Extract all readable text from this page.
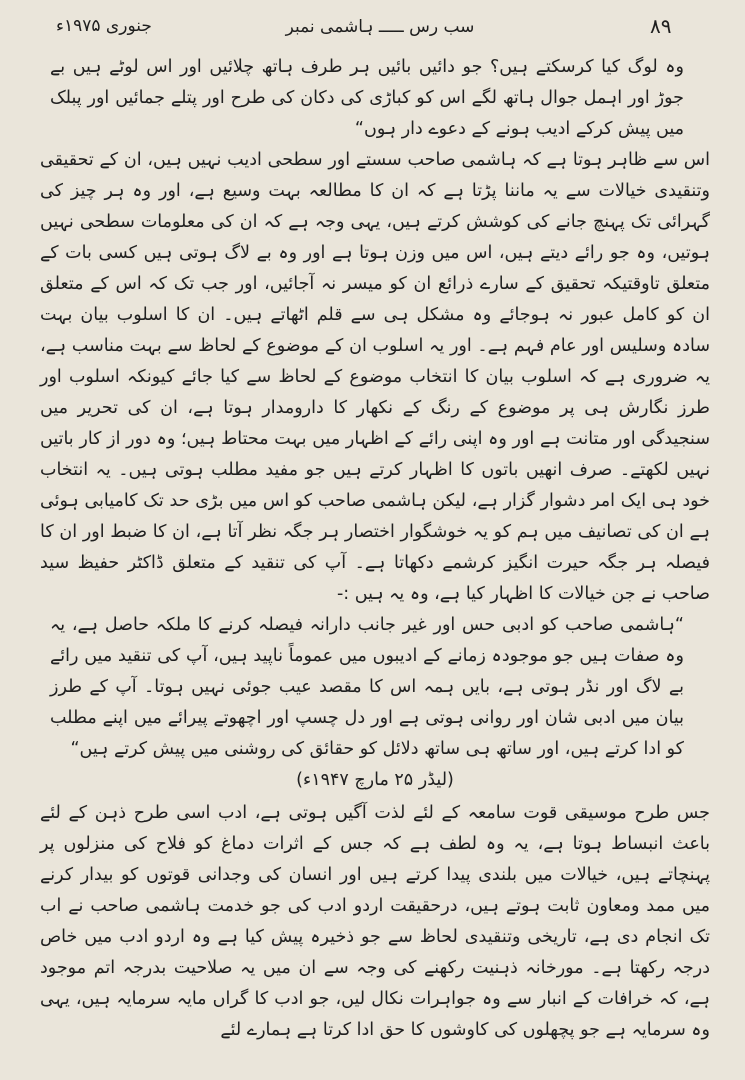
۸۹
سب رس ـــــ ہاشمی نمبر
جنوری ۱۹۷۵ء

وہ لوگ کیا کرسکتے ہیں؟ جو دائیں بائیں ہر طرف ہاتھ چلائیں اور اس لوٹے ہیں بے جوڑ اور اہمل جوال ہاتھ لگے اس کو کباڑی کی دکان کی طرح اور پتلے جمائیں اور پبلک میں پیش کرکے ادیب ہونے کے دعوے دار ہوں“

اس سے ظاہر ہوتا ہے کہ ہاشمی صاحب سستے اور سطحی ادیب نہیں ہیں، ان کے تحقیقی وتنقیدی خیالات سے یہ ماننا پڑتا ہے کہ ان کا مطالعہ بہت وسیع ہے، اور وہ ہر چیز کی گہرائی تک پہنچ جانے کی کوشش کرتے ہیں، یہی وجہ ہے کہ ان کی معلومات سطحی نہیں ہوتیں، وہ جو رائے دیتے ہیں، اس میں وزن ہوتا ہے اور وہ بے لاگ ہوتی ہیں کسی بات کے متعلق تاوقتیکہ تحقیق کے سارے ذرائع ان کو میسر نہ آجائیں، اور جب تک کہ اس کے متعلق ان کو کامل عبور نہ ہوجائے وہ مشکل ہی سے قلم اٹھاتے ہیں۔ ان کا اسلوب بیان بہت سادہ وسلیس اور عام فہم ہے۔ اور یہ اسلوب ان کے موضوع کے لحاظ سے بہت مناسب ہے، یہ ضروری ہے کہ اسلوب بیان کا انتخاب موضوع کے لحاظ سے کیا جائے کیونکہ اسلوب اور طرز نگارش ہی پر موضوع کے رنگ کے نکھار کا دارومدار ہوتا ہے، ان کی تحریر میں سنجیدگی اور متانت ہے اور وہ اپنی رائے کے اظہار میں بہت محتاط ہیں؛ وہ دور از کار باتیں نہیں لکھتے۔ صرف انھیں باتوں کا اظہار کرتے ہیں جو مفید مطلب ہوتی ہیں۔ یہ انتخاب خود ہی ایک امر دشوار گزار ہے، لیکن ہاشمی صاحب کو اس میں بڑی حد تک کامیابی ہوئی ہے ان کی تصانیف میں ہم کو یہ خوشگوار اختصار ہر جگہ نظر آتا ہے، ان کا ضبط اور ان کا فیصلہ ہر جگہ حیرت انگیز کرشمے دکھاتا ہے۔ آپ کی تنقید کے متعلق ڈاکٹر حفیظ سید صاحب نے جن خیالات کا اظہار کیا ہے، وہ یہ ہیں :-

“ہاشمی صاحب کو ادبی حس اور غیر جانب دارانہ فیصلہ کرنے کا ملکہ حاصل ہے، یہ وہ صفات ہیں جو موجودہ زمانے کے ادیبوں میں عموماً ناپید ہیں، آپ کی تنقید میں رائے بے لاگ اور نڈر ہوتی ہے، بایں ہمہ اس کا مقصد عیب جوئی نہیں ہوتا۔ آپ کے طرز بیان میں ادبی شان اور روانی ہوتی ہے اور دل چسپ اور اچھوتے پیرائے میں اپنے مطلب کو ادا کرتے ہیں، اور ساتھ ہی ساتھ دلائل کو حقائق کی روشنی میں پیش کرتے ہیں“

(لیڈر ۲۵ مارچ ۱۹۴۷ء)

جس طرح موسیقی قوت سامعہ کے لئے لذت آگیں ہوتی ہے، ادب اسی طرح ذہن کے لئے باعث انبساط ہوتا ہے، یہ وہ لطف ہے کہ جس کے اثرات دماغ کو فلاح کی منزلوں پر پہنچاتے ہیں، خیالات میں بلندی پیدا کرتے ہیں اور انسان کی وجدانی قوتوں کو بیدار کرنے میں ممد ومعاون ثابت ہوتے ہیں، درحقیقت اردو ادب کی جو خدمت ہاشمی صاحب نے اب تک انجام دی ہے، تاریخی وتنقیدی لحاظ سے جو ذخیرہ پیش کیا ہے وہ اردو ادب میں خاص درجہ رکھتا ہے۔ مورخانہ ذہنیت رکھنے کی وجہ سے ان میں یہ صلاحیت بدرجہ اتم موجود ہے، کہ خرافات کے انبار سے وہ جواہرات نکال لیں، جو ادب کا گراں مایہ سرمایہ ہیں، یہی وہ سرمایہ ہے جو پچھلوں کی کاوشوں کا حق ادا کرتا ہے ہمارے لئے
